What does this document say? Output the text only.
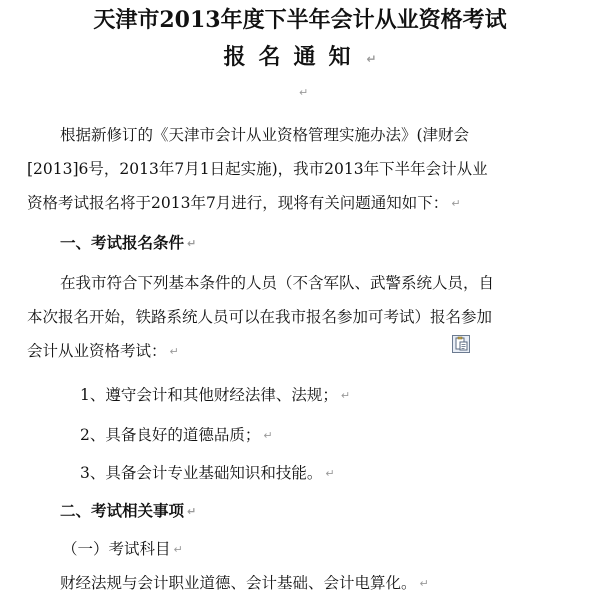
天津市2013年度下半年会计从业资格考试
报名通知 ↵
↵
根据新修订的《天津市会计从业资格管理实施办法》(津财会
[2013]6号，2013年7月1日起实施)，我市2013年下半年会计从业
资格考试报名将于2013年7月进行，现将有关问题通知如下： ↵
一、考试报名条件 ↵
在我市符合下列基本条件的人员（不含军队、武警系统人员，自
本次报名开始，铁路系统人员可以在我市报名参加可考试）报名参加
会计从业资格考试： ↵
1、遵守会计和其他财经法律、法规； ↵
2、具备良好的道德品质； ↵
3、具备会计专业基础知识和技能。 ↵
二、考试相关事项 ↵
（一）考试科目 ↵
财经法规与会计职业道德、会计基础、会计电算化。 ↵
